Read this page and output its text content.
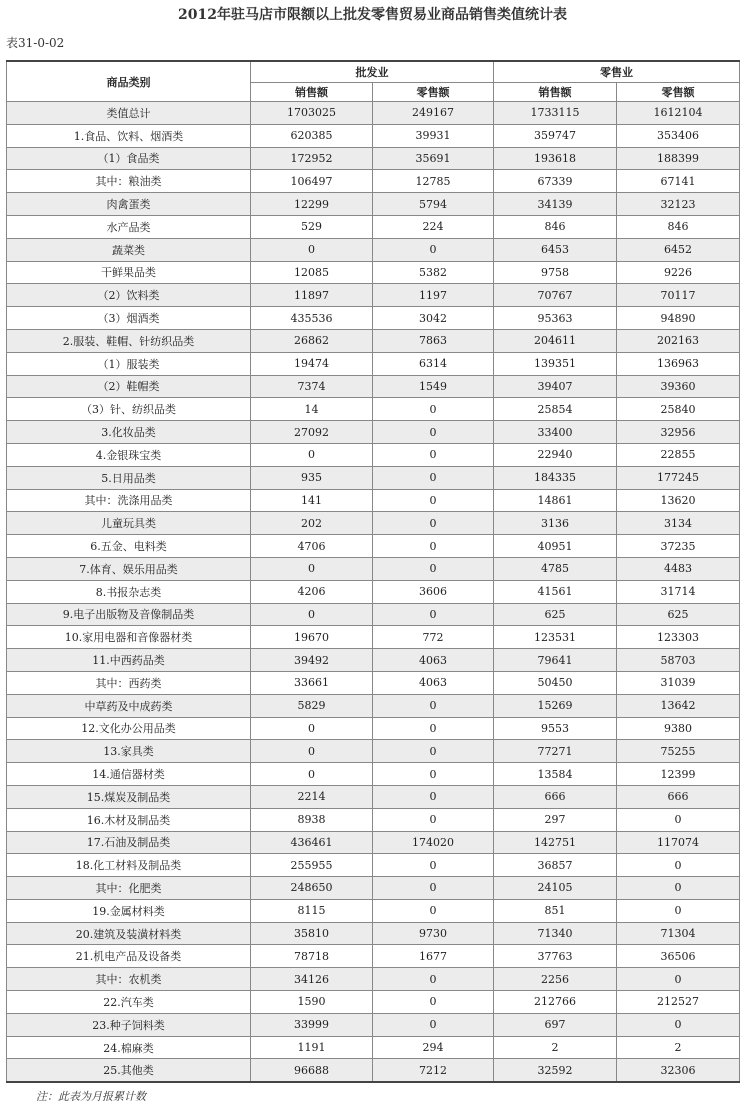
2012年驻马店市限额以上批发零售贸易业商品销售类值统计表
表31-0-02
商品类别	批发业		零售业	
	销售额	零售额	销售额	零售额
类值总计	1703025	249167	1733115	1612104
1.食品、饮料、烟酒类	620385	39931	359747	353406
（1）食品类	172952	35691	193618	188399
其中：粮油类	106497	12785	67339	67141
肉禽蛋类	12299	5794	34139	32123
水产品类	529	224	846	846
蔬菜类	0	0	6453	6452
干鲜果品类	12085	5382	9758	9226
（2）饮料类	11897	1197	70767	70117
（3）烟酒类	435536	3042	95363	94890
2.服装、鞋帽、针纺织品类	26862	7863	204611	202163
（1）服装类	19474	6314	139351	136963
（2）鞋帽类	7374	1549	39407	39360
（3）针、纺织品类	14	0	25854	25840
3.化妆品类	27092	0	33400	32956
4.金银珠宝类	0	0	22940	22855
5.日用品类	935	0	184335	177245
其中：洗涤用品类	141	0	14861	13620
儿童玩具类	202	0	3136	3134
6.五金、电料类	4706	0	40951	37235
7.体育、娱乐用品类	0	0	4785	4483
8.书报杂志类	4206	3606	41561	31714
9.电子出版物及音像制品类	0	0	625	625
10.家用电器和音像器材类	19670	772	123531	123303
11.中西药品类	39492	4063	79641	58703
其中：西药类	33661	4063	50450	31039
中草药及中成药类	5829	0	15269	13642
12.文化办公用品类	0	0	9553	9380
13.家具类	0	0	77271	75255
14.通信器材类	0	0	13584	12399
15.煤炭及制品类	2214	0	666	666
16.木材及制品类	8938	0	297	0
17.石油及制品类	436461	174020	142751	117074
18.化工材料及制品类	255955	0	36857	0
其中：化肥类	248650	0	24105	0
19.金属材料类	8115	0	851	0
20.建筑及装潢材料类	35810	9730	71340	71304
21.机电产品及设备类	78718	1677	37763	36506
其中：农机类	34126	0	2256	0
22.汽车类	1590	0	212766	212527
23.种子饲料类	33999	0	697	0
24.棉麻类	1191	294	2	2
25.其他类	96688	7212	32592	32306
注：此表为月报累计数
